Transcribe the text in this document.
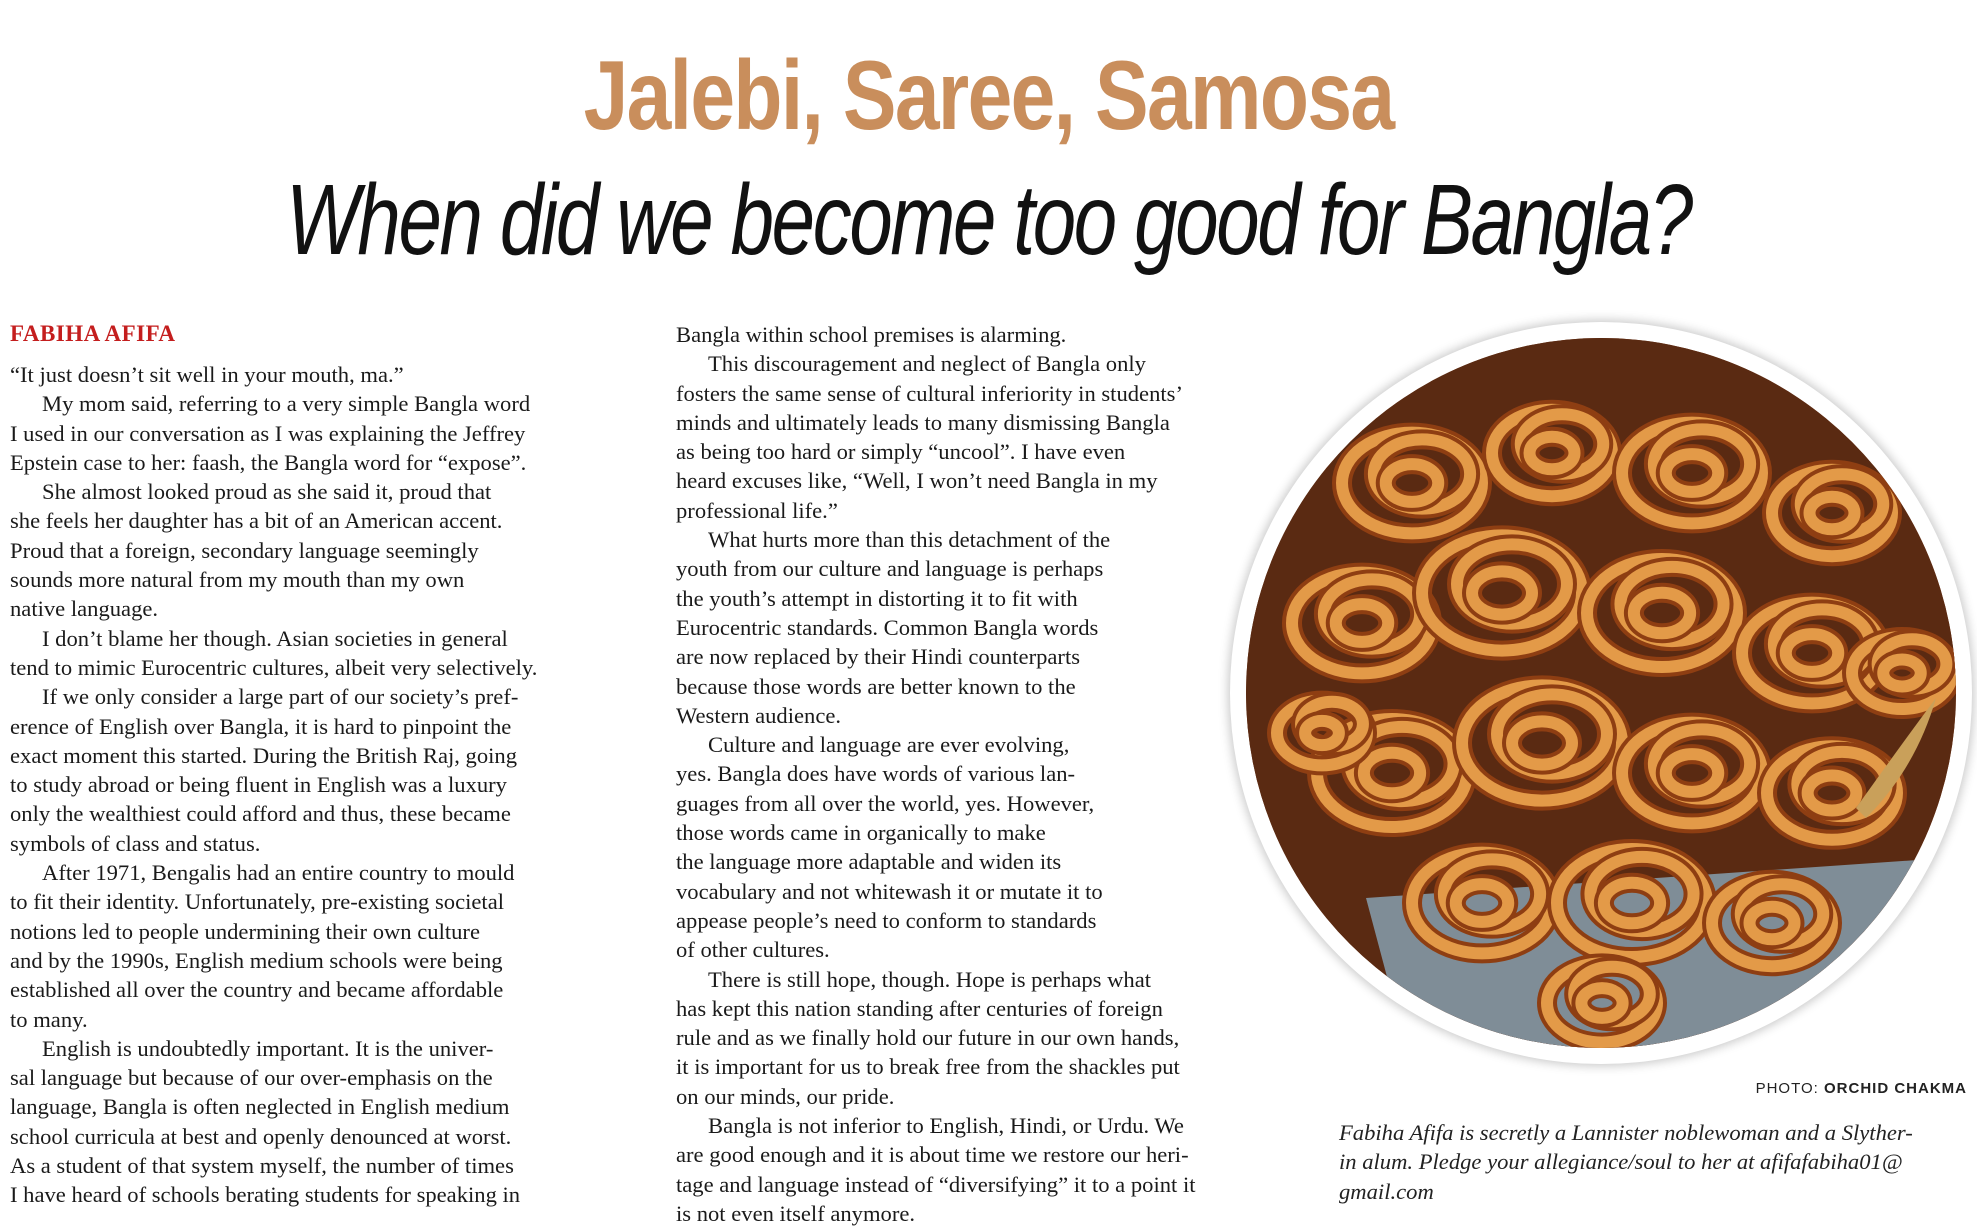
Jalebi, Saree, Samosa
When did we become too good for Bangla?
FABIHA AFIFA

“It just doesn’t sit well in your mouth, ma.”

My mom said, referring to a very simple Bangla word
I used in our conversation as I was explaining the Jeffrey
Epstein case to her: faash, the Bangla word for “expose”.

She almost looked proud as she said it, proud that
she feels her daughter has a bit of an American accent.
Proud that a foreign, secondary language seemingly
sounds more natural from my mouth than my own
native language.

I don’t blame her though. Asian societies in general
tend to mimic Eurocentric cultures, albeit very selectively.

If we only consider a large part of our society’s pref-
erence of English over Bangla, it is hard to pinpoint the
exact moment this started. During the British Raj, going
to study abroad or being fluent in English was a luxury
only the wealthiest could afford and thus, these became
symbols of class and status.

After 1971, Bengalis had an entire country to mould
to fit their identity. Unfortunately, pre-existing societal
notions led to people undermining their own culture
and by the 1990s, English medium schools were being
established all over the country and became affordable
to many.

English is undoubtedly important. It is the univer-
sal language but because of our over-emphasis on the
language, Bangla is often neglected in English medium
school curricula at best and openly denounced at worst.
As a student of that system myself, the number of times
I have heard of schools berating students for speaking in

Bangla within school premises is alarming.

This discouragement and neglect of Bangla only
fosters the same sense of cultural inferiority in students’
minds and ultimately leads to many dismissing Bangla
as being too hard or simply “uncool”. I have even
heard excuses like, “Well, I won’t need Bangla in my
professional life.”

What hurts more than this detachment of the
youth from our culture and language is perhaps
the youth’s attempt in distorting it to fit with
Eurocentric standards. Common Bangla words
are now replaced by their Hindi counterparts
because those words are better known to the
Western audience.

Culture and language are ever evolving,
yes. Bangla does have words of various lan-
guages from all over the world, yes. However,
those words came in organically to make
the language more adaptable and widen its
vocabulary and not whitewash it or mutate it to
appease people’s need to conform to standards
of other cultures.

There is still hope, though. Hope is perhaps what
has kept this nation standing after centuries of foreign
rule and as we finally hold our future in our own hands,
it is important for us to break free from the shackles put
on our minds, our pride.

Bangla is not inferior to English, Hindi, or Urdu. We
are good enough and it is about time we restore our heri-
tage and language instead of “diversifying” it to a point it
is not even itself anymore.

PHOTO: ORCHID CHAKMA
Fabiha Afifa is secretly a Lannister noblewoman and a Slyther-
in alum. Pledge your allegiance/soul to her at afifafabiha01@
gmail.com
